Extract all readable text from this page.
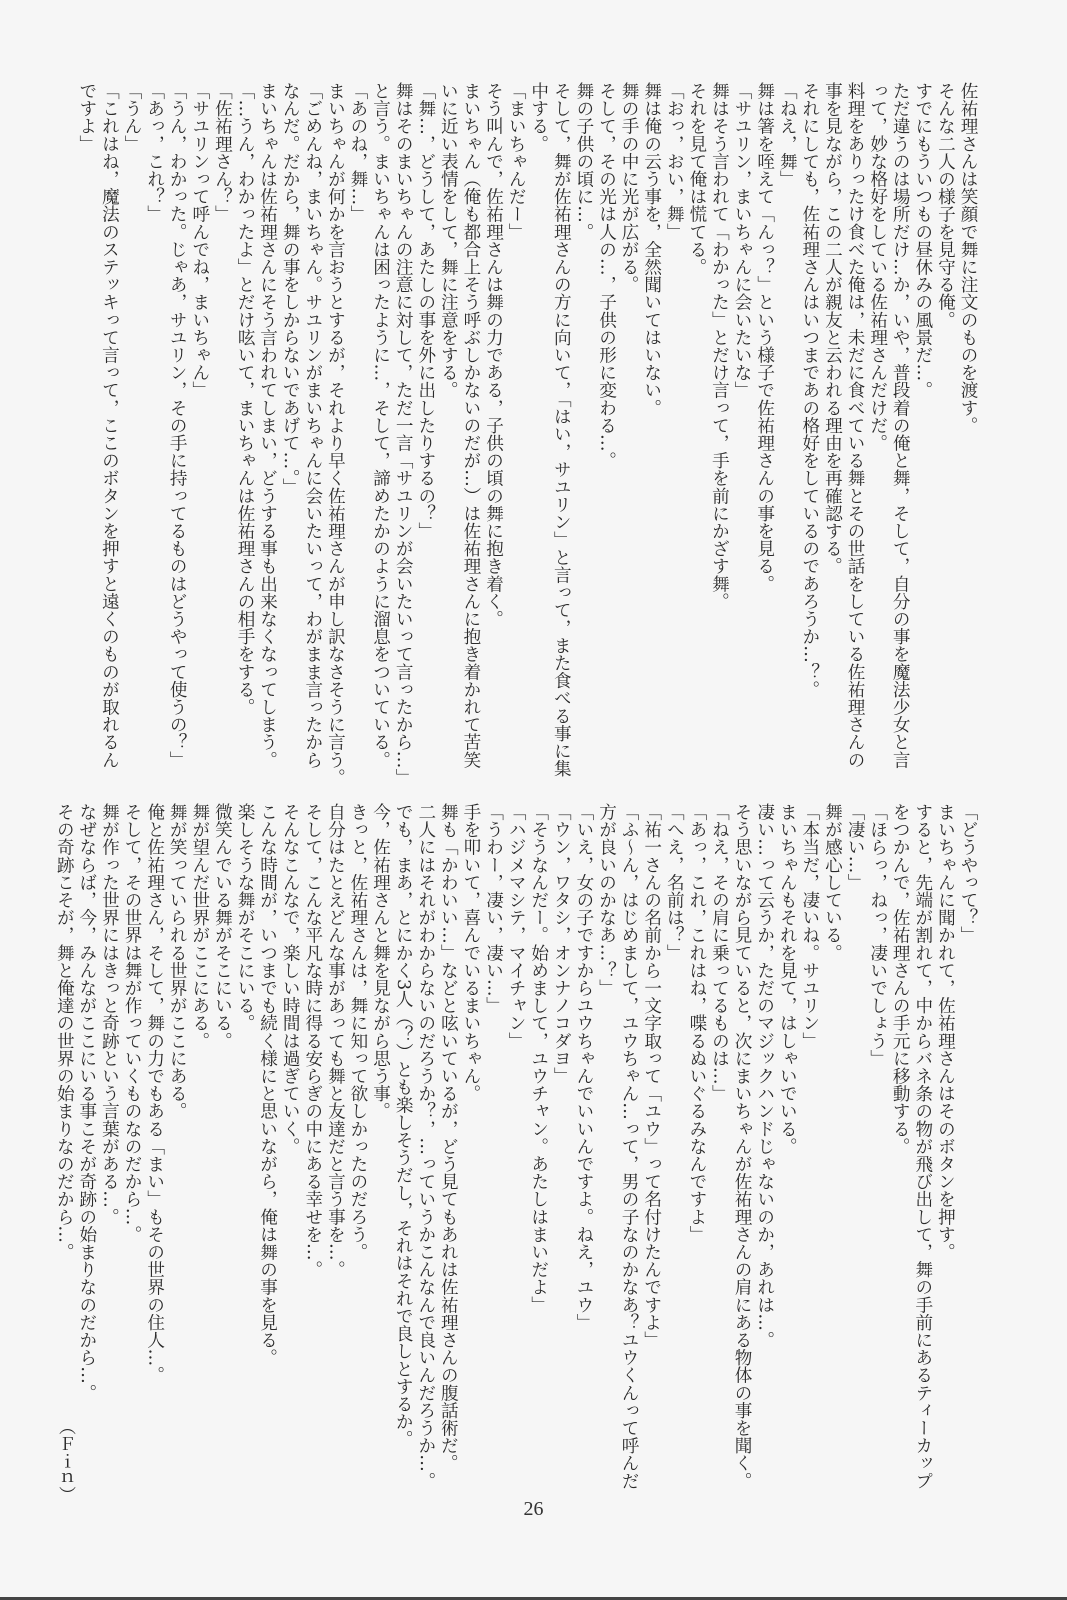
佐祐理さんは笑顔で舞に注文のものを渡す。
そんな二人の様子を見守る俺。
すでにもういつもの昼休みの風景だ…。
ただ違うのは場所だけ…か，いや，普段着の俺と舞，そして，自分の事を魔法少女と言
って，妙な格好をしている佐祐理さんだけだ。
料理をありったけ食べた俺は，未だに食べている舞とその世話をしている佐祐理さんの
事を見ながら，この二人が親友と云われる理由を再確認する。
それにしても，佐祐理さんはいつまであの格好をしているのであろうか…？。
「ねえ，舞」
舞は箸を咥えて「んっ？」という様子で佐祐理さんの事を見る。
「サユリン，まいちゃんに会いたいな」
舞はそう言われて「わかった」とだけ言って，手を前にかざす舞。
それを見て俺は慌てる。
「おっ，おい，舞」
舞は俺の云う事を，全然聞いてはいない。
舞の手の中に光が広がる。
そして，その光は人の…，子供の形に変わる…。
舞の子供の頃に…。
そして，舞が佐祐理さんの方に向いて，「はい，サユリン」と言って，また食べる事に集
中する。
「まいちゃんだー」
そう叫んで，佐祐理さんは舞の力である，子供の頃の舞に抱き着く。
まいちゃん（俺も都合上そう呼ぶしかないのだが…）は佐祐理さんに抱き着かれて苦笑
いに近い表情をして，舞に注意をする。
「舞…，どうして，あたしの事を外に出したりするの？」
舞はそのまいちゃんの注意に対して，ただ一言「サユリンが会いたいって言ったから…」
と言う。まいちゃんは困ったように…，そして，諦めたかのように溜息をついている。
「あのね，舞…」
まいちゃんが何かを言おうとするが，それより早く佐祐理さんが申し訳なさそうに言う。
「ごめんね，まいちゃん。サユリンがまいちゃんに会いたいって，わがまま言ったから
なんだ。だから，舞の事をしからないであげて…。」
まいちゃんは佐祐理さんにそう言われてしまい，どうする事も出来なくなってしまう。
「…うん，わかったよ」とだけ呟いて，まいちゃんは佐祐理さんの相手をする。
「佐祐理さん？」
「サユリンって呼んでね，まいちゃん」
「うん，わかった。じゃあ，サユリン，その手に持ってるものはどうやって使うの？」
「あっ，これ？」
「うん」
「これはね，魔法のステッキって言って，ここのボタンを押すと遠くのものが取れるん
ですよ」
「どうやって？」
まいちゃんに聞かれて，佐祐理さんはそのボタンを押す。
すると，先端が割れて，中からバネ条の物が飛び出して，舞の手前にあるティーカップ
をつかんで，佐祐理さんの手元に移動する。
「ほらっ，ねっ，凄いでしょう」
「凄い…」
舞が感心している。
「本当だ，凄いね。サユリン」
まいちゃんもそれを見て，はしゃいでいる。
凄い…って云うか，ただのマジックハンドじゃないのか，あれは…。
そう思いながら見ていると，次にまいちゃんが佐祐理さんの肩にある物体の事を聞く。
「ねえ，その肩に乗ってるものは…」
「あっ，これ，これはね，喋るぬいぐるみなんですよ」
「へえ，名前は？」
「祐一さんの名前から一文字取って「ユウ」って名付けたんですよ」
「ふ～ん，はじめまして，ユウちゃん…って，男の子なのかなあ？ユウくんって呼んだ
方が良いのかなあ…？」
「いえ，女の子ですからユウちゃんでいいんですよ。ねえ，ユウ」
「ウン，ワタシ，オンナノコダヨ」
「そうなんだー。始めまして，ユウチャン。あたしはまいだよ」
「ハジメマシテ，マイチャン」
「うわー，凄い，凄い…」
手を叩いて，喜んでいるまいちゃん。
舞も「かわいい…」などと呟いているが，どう見てもあれは佐祐理さんの腹話術だ。
二人にはそれがわからないのだろうか？，…っていうかこんなんで良いんだろうか…。
でも，まあ，とにかく3人（？）とも楽しそうだし，それはそれで良しとするか。
今，佐祐理さんと舞を見ながら思う事。
きっと，佐祐理さんは，舞に知って欲しかったのだろう。
自分はたとえどんな事があっても舞と友達だと言う事を…。
そして，こんな平凡な時に得る安らぎの中にある幸せを…。
そんなこんなで，楽しい時間は過ぎていく。
こんな時間が，いつまでも続く様にと思いながら，俺は舞の事を見る。
楽しそうな舞がそこにいる。
微笑んでいる舞がそこにいる。
舞が望んだ世界がここにある。
舞が笑っていられる世界がここにある。
俺と佐祐理さん，そして，舞の力でもある「まい」もその世界の住人…。
そして，その世界は舞が作っていくものなのだから…。
舞が作った世界にはきっと奇跡という言葉がある…。
なぜならば，今，みんながここにいる事こそが奇跡の始まりなのだから…。
その奇跡こそが，舞と俺達の世界の始まりなのだから…。
（Ｆｉｎ）
26
